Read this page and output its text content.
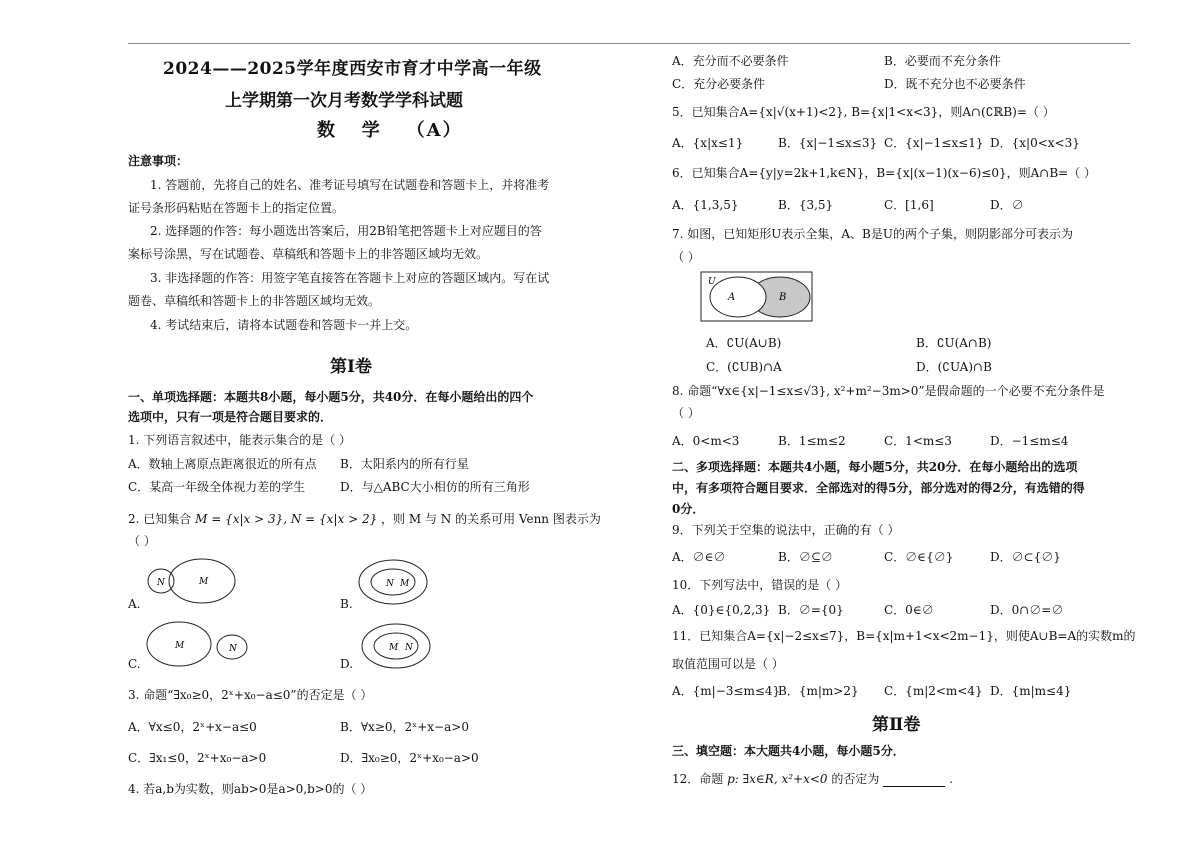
2024——2025学年度西安市育才中学高一年级
上学期第一次月考数学学科试题
数   学   （A）
注意事项：
1. 答题前，先将自己的姓名、准考证号填写在试题卷和答题卡上，并将准考
证号条形码粘贴在答题卡上的指定位置。
2. 选择题的作答：每小题选出答案后，用2B铅笔把答题卡上对应题目的答
案标号涂黑，写在试题卷、草稿纸和答题卡上的非答题区域均无效。
3. 非选择题的作答：用签字笔直接答在答题卡上对应的答题区域内。写在试
题卷、草稿纸和答题卡上的非答题区域均无效。
4. 考试结束后，请将本试题卷和答题卡一并上交。
第Ⅰ卷
一、单项选择题：本题共8小题，每小题5分，共40分．在每小题给出的四个
选项中，只有一项是符合题目要求的．
1. 下列语言叙述中，能表示集合的是（ ）
A．数轴上离原点距离很近的所有点 B．太阳系内的所有行星
C．某高一年级全体视力差的学生	D．与△ABC大小相仿的所有三角形
2. 已知集合 M = {x|x > 3}, N = {x|x > 2} ，则 M 与 N 的关系可用 Venn 图表示为
（ ）
N	M
A.
N M
B.
M	N
C.
M N
D.
3. 命题“∃x₀≥0，2ˣ+x₀−a≤0”的否定是（ ）
A．∀x≤0，2ˣ+x−a≤0	B．∀x≥0，2ˣ+x−a>0
C．∃x₁≤0，2ˣ+x₀−a>0	D．∃x₀≥0，2ˣ+x₀−a>0
4. 若a,b为实数，则ab>0是a>0,b>0的（ ）
A．充分而不必要条件	B．必要而不充分条件
C．充分必要条件	D．既不充分也不必要条件
5．已知集合A={x|√(x+1)<2}, B={x|1<x<3}，则A∩(∁ℝB)=（ ）
A．{x|x≤1}	B．{x|−1≤x≤3} C．{x|−1≤x≤1} D．{x|0<x<3}
6．已知集合A={y|y=2k+1,k∈N}，B={x|(x−1)(x−6)≤0}，则A∩B=（ ）
A．{1,3,5}	B．{3,5}	C．[1,6]	D．∅
7. 如图，已知矩形U表示全集，A、B是U的两个子集，则阴影部分可表示为
（ ）
U
A	B
A．∁U(A∪B)	B．∁U(A∩B)
C．(∁UB)∩A	D．(∁UA)∩B
8. 命题“∀x∈{x|−1≤x≤√3}, x²+m²−3m>0”是假命题的一个必要不充分条件是
（ ）
A．0<m<3	B．1≤m≤2	C．1<m≤3	D．−1≤m≤4
二、多项选择题：本题共4小题，每小题5分，共20分．在每小题给出的选项
中，有多项符合题目要求．全部选对的得5分，部分选对的得2分，有选错的得
0分．
9．下列关于空集的说法中，正确的有（ ）
A．∅∈∅	B．∅⊆∅	C．∅∈{∅}	D．∅⊂{∅}
10．下列写法中，错误的是（ ）
A．{0}∈{0,2,3} B．∅={0}	C．0∈∅	D．0∩∅=∅
11．已知集合A={x|−2≤x≤7}，B={x|m+1<x<2m−1}，则使A∪B=A的实数m的
取值范围可以是（ ）
A．{m|−3≤m≤4}
B．{m|m>2} C．{m|2<m<4} D．{m|m≤4}
第Ⅱ卷
三、填空题：本大题共4小题，每小题5分．
12．命题 p: ∃x∈R, x²+x<0 的否定为	.
